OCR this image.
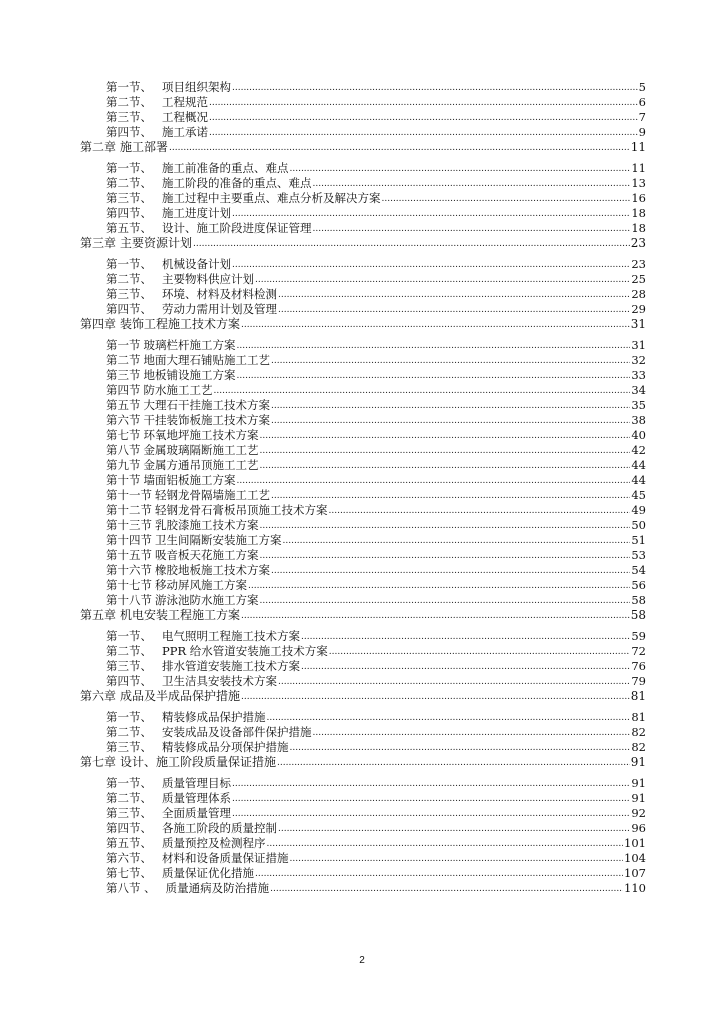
第一节、 项目组织架构 .....	5
第二节、 工程规范 .....	6
第三节、 工程概况 .....	7
第四节、 施工承诺 .....	9
第二章 施工部署 .....	11
第一节、 施工前准备的重点、难点 .....	11
第二节、 施工阶段的准备的重点、难点 .....	13
第三节、 施工过程中主要重点、难点分析及解决方案 .....	16
第四节、 施工进度计划 .....	18
第五节、 设计、施工阶段进度保证管理 .....	18
第三章 主要资源计划 .....	23
第一节、 机械设备计划 .....	23
第二节、 主要物料供应计划 .....	25
第三节、 环境、材料及材料检测 .....	28
第四节、 劳动力需用计划及管理 .....	29
第四章 装饰工程施工技术方案 .....	31
第一节 玻璃栏杆施工方案 .....	31
第二节 地面大理石铺贴施工工艺 .....	32
第三节 地板铺设施工方案 .....	33
第四节 防水施工工艺 .....	34
第五节 大理石干挂施工技术方案 .....	35
第六节 干挂装饰板施工技术方案 .....	38
第七节 环氧地坪施工技术方案 .....	40
第八节 金属玻璃隔断施工工艺 .....	42
第九节 金属方通吊顶施工工艺 .....	44
第十节 墙面铝板施工方案 .....	44
第十一节 轻钢龙骨隔墙施工工艺 .....	45
第十二节 轻钢龙骨石膏板吊顶施工技术方案 .....	49
第十三节 乳胶漆施工技术方案 .....	50
第十四节 卫生间隔断安装施工方案 .....	51
第十五节 吸音板天花施工方案 .....	53
第十六节 橡胶地板施工技术方案 .....	54
第十七节 移动屏风施工方案 .....	56
第十八节 游泳池防水施工方案 .....	58
第五章 机电安装工程施工方案 .....	58
第一节、 电气照明工程施工技术方案 .....	59
第二节、 PPR 给水管道安装施工技术方案 .....	72
第三节、 排水管道安装施工技术方案 .....	76
第四节、 卫生洁具安装技术方案 .....	79
第六章 成品及半成品保护措施 .....	81
第一节、 精装修成品保护措施 .....	81
第二节、 安装成品及设备部件保护措施 .....	82
第三节、 精装修成品分项保护措施 .....	82
第七章 设计、施工阶段质量保证措施 .....	91
第一节、 质量管理目标 .....	91
第二节、 质量管理体系 .....	91
第三节、 全面质量管理 .....	92
第四节、 各施工阶段的质量控制 .....	96
第五节、 质量预控及检测程序 .....	101
第六节、 材料和设备质量保证措施 .....	104
第七节、 质量保证优化措施 .....	107
第八节 、 质量通病及防治措施 .....	110
2
